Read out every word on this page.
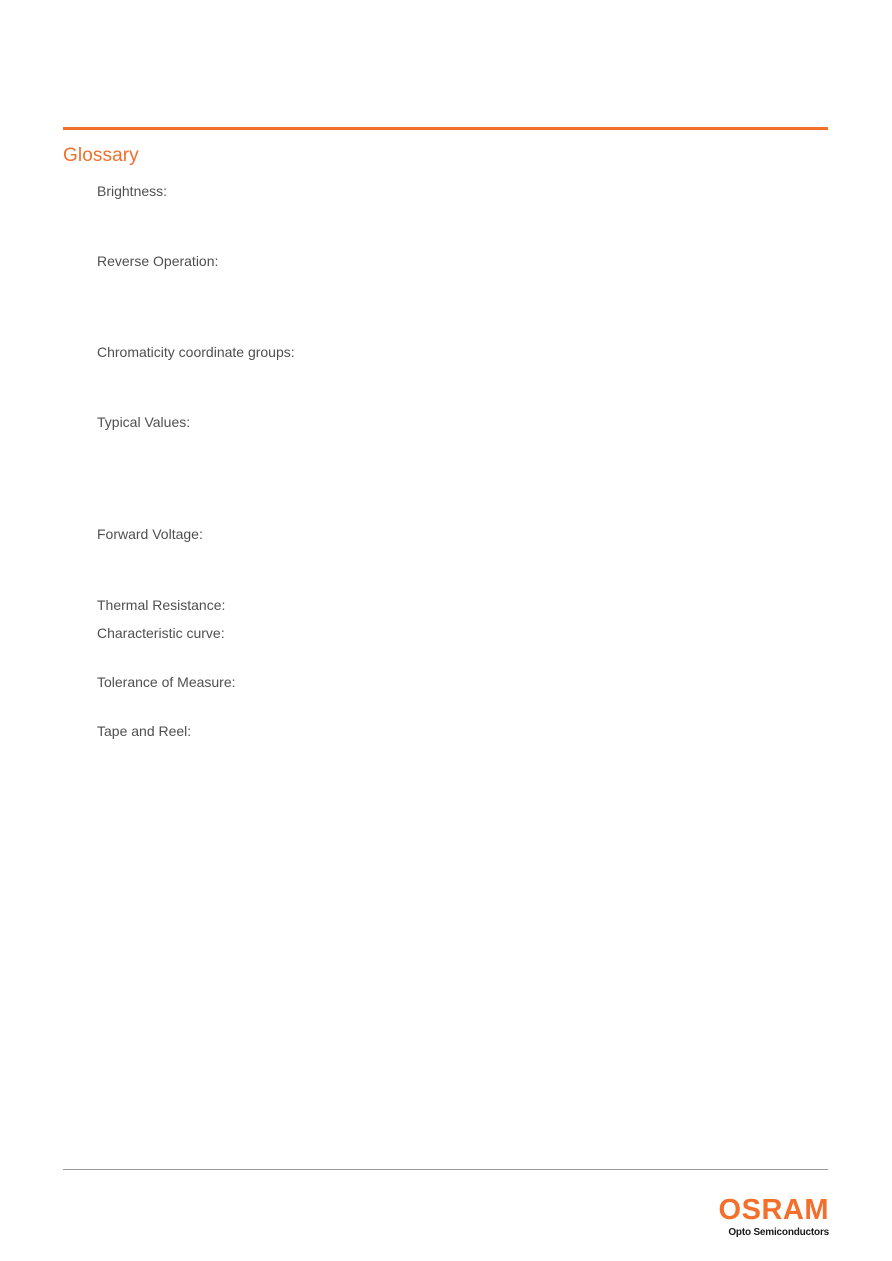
Glossary
Brightness:
Reverse Operation:
Chromaticity coordinate groups:
Typical Values:
Forward Voltage:
Thermal Resistance:
Characteristic curve:
Tolerance of Measure:
Tape and Reel:
OSRAM
Opto Semiconductors
